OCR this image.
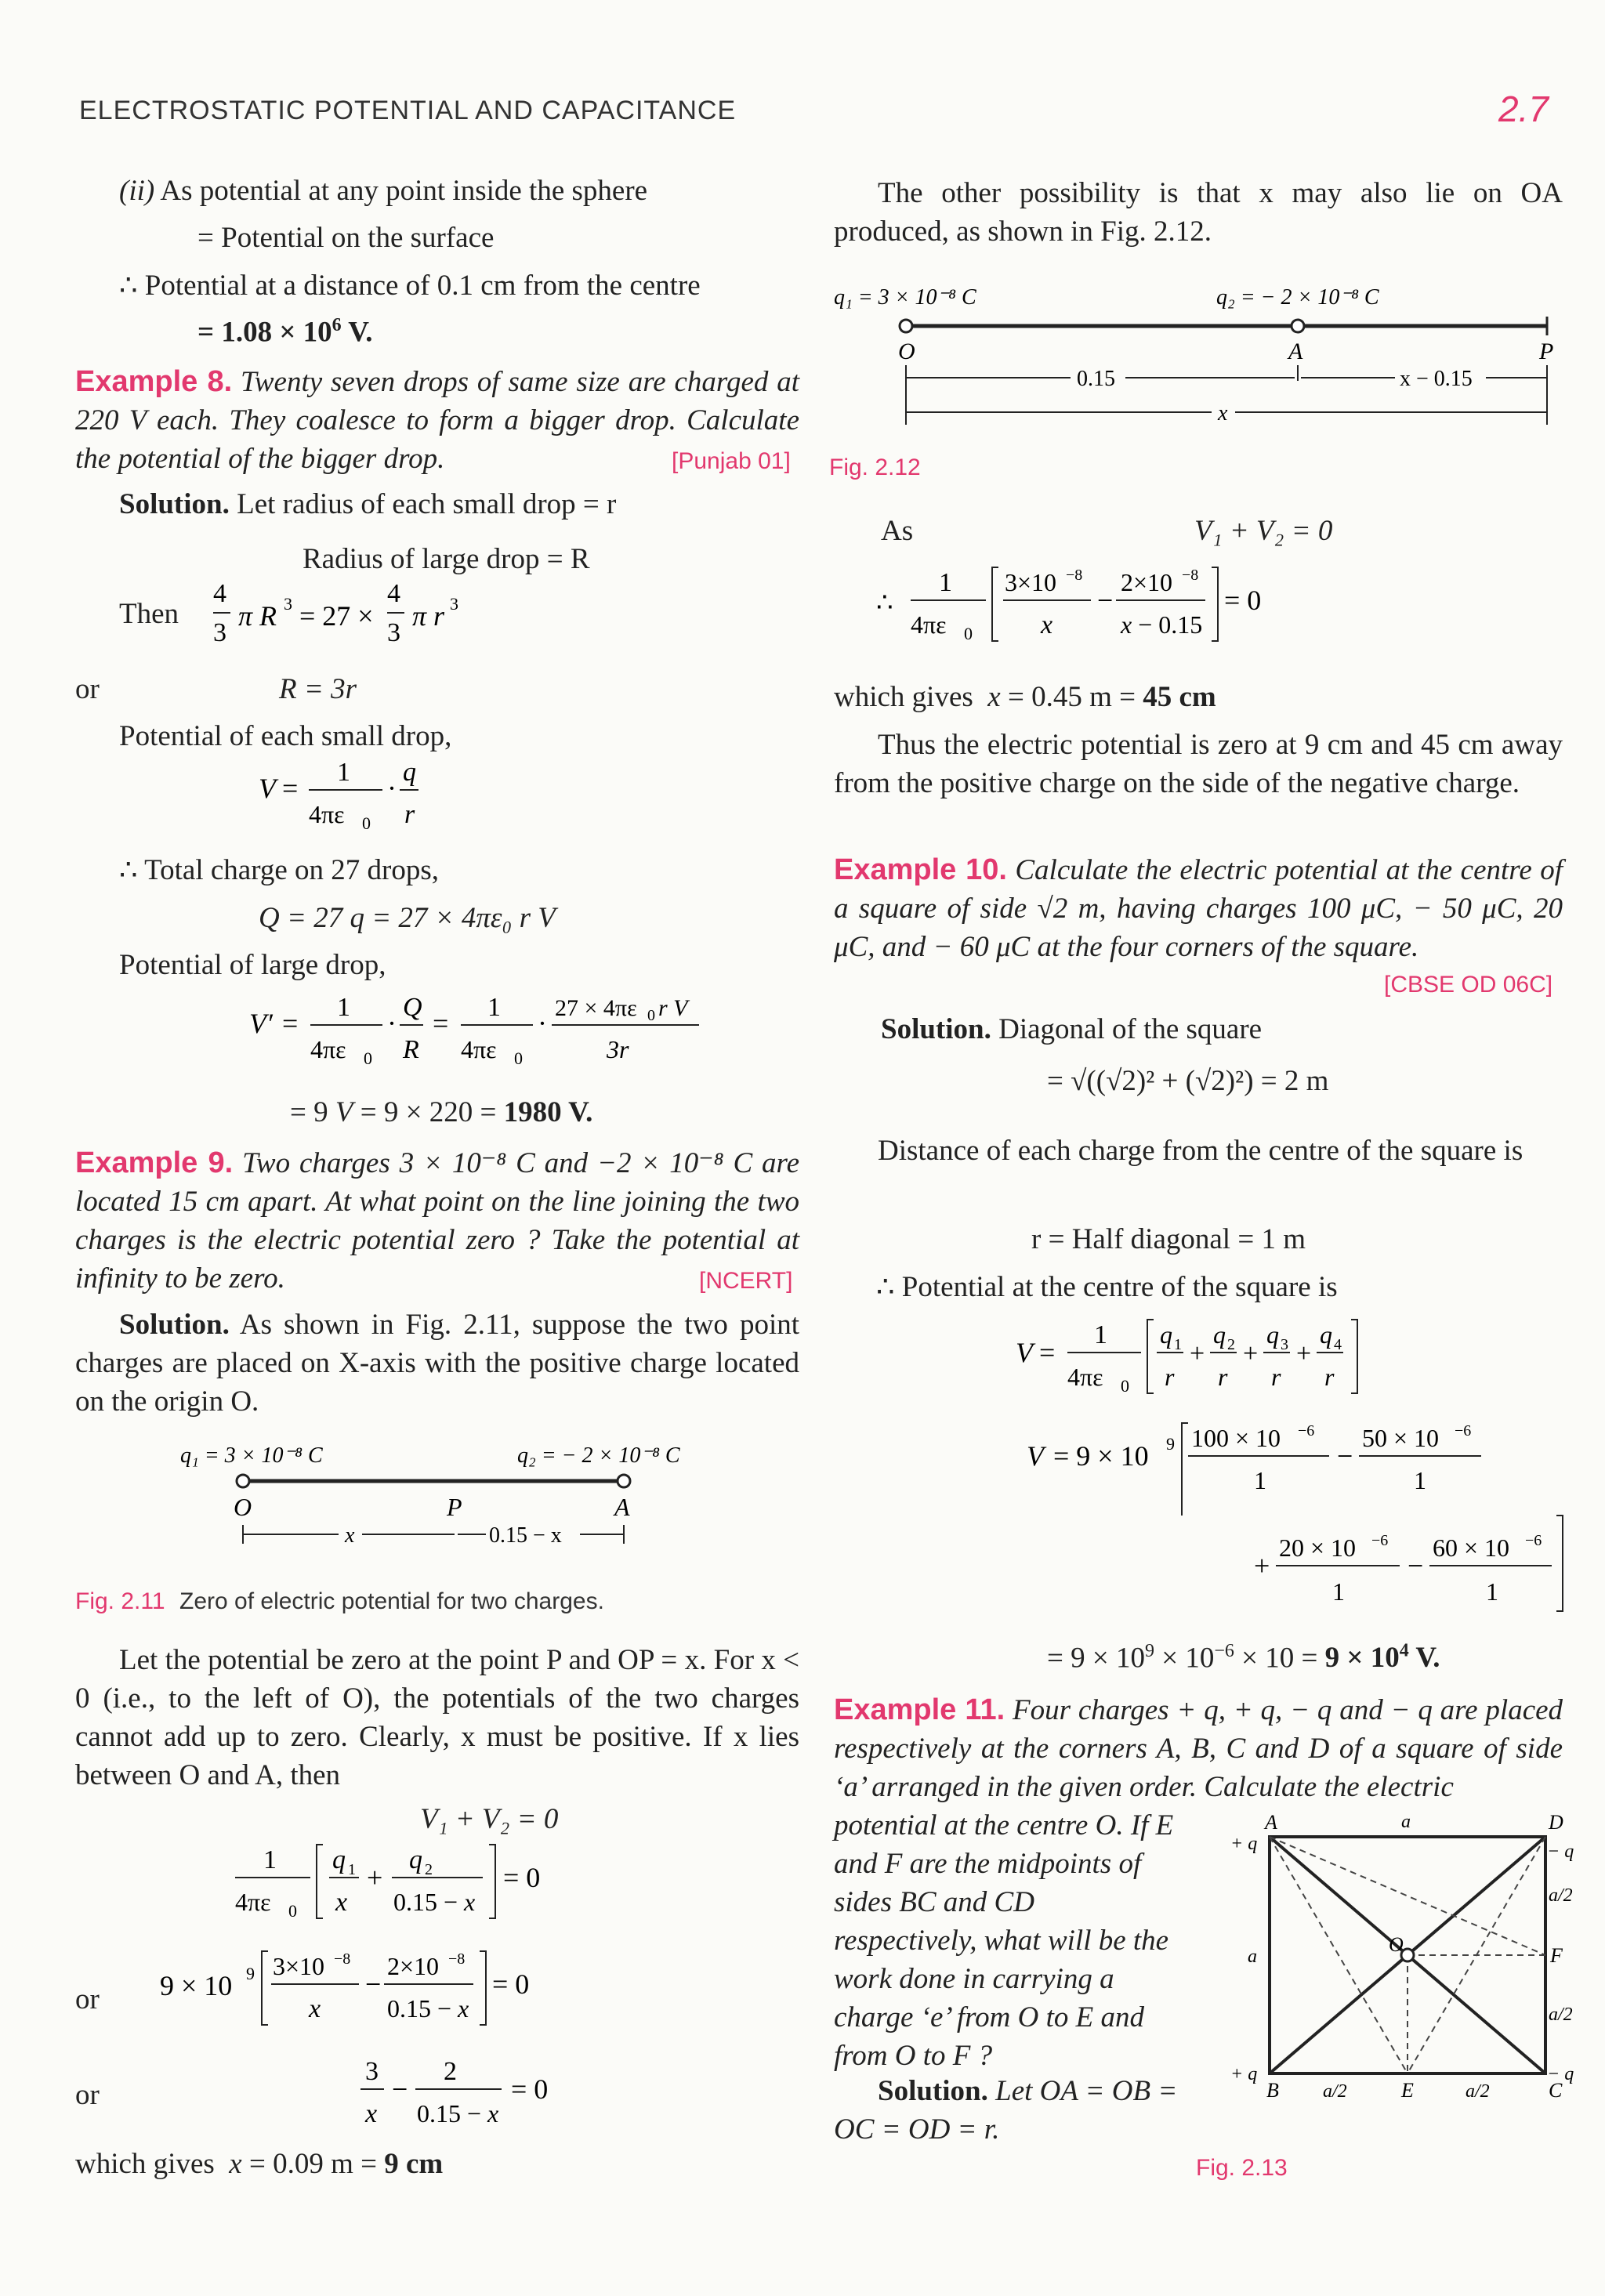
ELECTROSTATIC POTENTIAL AND CAPACITANCE	2.7
(ii) As potential at any point inside the sphere
= Potential on the surface
∴ Potential at a distance of 0.1 cm from the centre
= $1.08 \times 10^6$ V.
Example 8. Twenty seven drops of same size are charged at 220 V each. They coalesce to form a bigger drop. Calculate the potential of the bigger drop.	[Punjab 01]
Solution. Let radius of each small drop = r
Radius of large drop = R
Then
4
3
π R 3 = 27 ×
4
3
π r 3
or	R = 3r
Potential of each small drop,
V =
1
4πε 0
·
q
r
∴ Total charge on 27 drops,
Q = 27 q = 27 × 4πε₀ r V
Potential of large drop,
V′ =
1
4πε 0
·
Q
R
=
1
4πε 0
· 27 × 4πε 0 r V
3r
= 9 V = 9 × 220 = 1980 V.
Example 9. Two charges 3 × 10⁻⁸ C and −2 × 10⁻⁸ C are located 15 cm apart. At what point on the line joining the two charges is the electric potential zero ? Take the potential at infinity to be zero.	[NCERT]
Solution. As shown in Fig. 2.11, suppose the two point charges are placed on X-axis with the positive charge located on the origin O.
q₁ = 3 × 10⁻⁸ C	q₂ = − 2 × 10⁻⁸ C
O	P	A
x	0.15 − x
Fig. 2.11 Zero of electric potential for two charges.
Let the potential be zero at the point P and OP = x. For x < 0 (i.e., to the left of O), the potentials of the two charges cannot add up to zero. Clearly, x must be positive. If x lies between O and A, then
V₁ + V₂ = 0
1
4πε 0
q 1
x
+
q 2
0.15 − x
= 0
or 9 × 10 9 3×10 −8
x
−
2×10 −8
0.15 − x
= 0
or
3
x
−
2
0.15 − x
= 0
which gives  x = 0.09 m = 9 cm
The other possibility is that x may also lie on OA produced, as shown in Fig. 2.12.
q₁ = 3 × 10⁻⁸ C	q₂ = − 2 × 10⁻⁸ C
O	A	P
0.15	x − 0.15
x
Fig. 2.12
As	V₁ + V₂ = 0
∴
1
4πε 0
3×10 −8
x
−
2×10 −8
x − 0.15
= 0
which gives  x = 0.45 m = 45 cm
Thus the electric potential is zero at 9 cm and 45 cm away from the positive charge on the side of the negative charge.
Example 10. Calculate the electric potential at the centre of a square of side √2 m, having charges 100 μC, − 50 μC, 20 μC, and − 60 μC at the four corners of the square.
[CBSE OD 06C]
Solution. Diagonal of the square
= √((√2)² + (√2)²) = 2 m
Distance of each charge from the centre of the square is
r = Half diagonal = 1 m
∴ Potential at the centre of the square is
V =
1
4πε 0
q 1
r
+
q 2
r
+
q 3
r
+
q 4
r
V = 9 × 10 9 100 × 10 −6
1
−
50 × 10 −6
1
+
20 × 10 −6
1
−
60 × 10 −6
1
= $9 \times 10^9 \times 10^{-6} \times 10 = 9 \times 10^4$ V.
Example 11. Four charges + q, + q, − q and − q are placed respectively at the corners A, B, C and D of a square of side ‘a’ arranged in the given order. Calculate the electric
potential at the centre O. If E and F are the midpoints of sides BC and CD respectively, what will be the work done in carrying a charge ‘e’ from O to E and from O to F ?
Solution. Let OA = OB = OC = OD = r.
A	D
B	C
E
F
O
a
a
a/2
a/2
a/2	a/2
+ q
+ q
− q
− q
Fig. 2.13
